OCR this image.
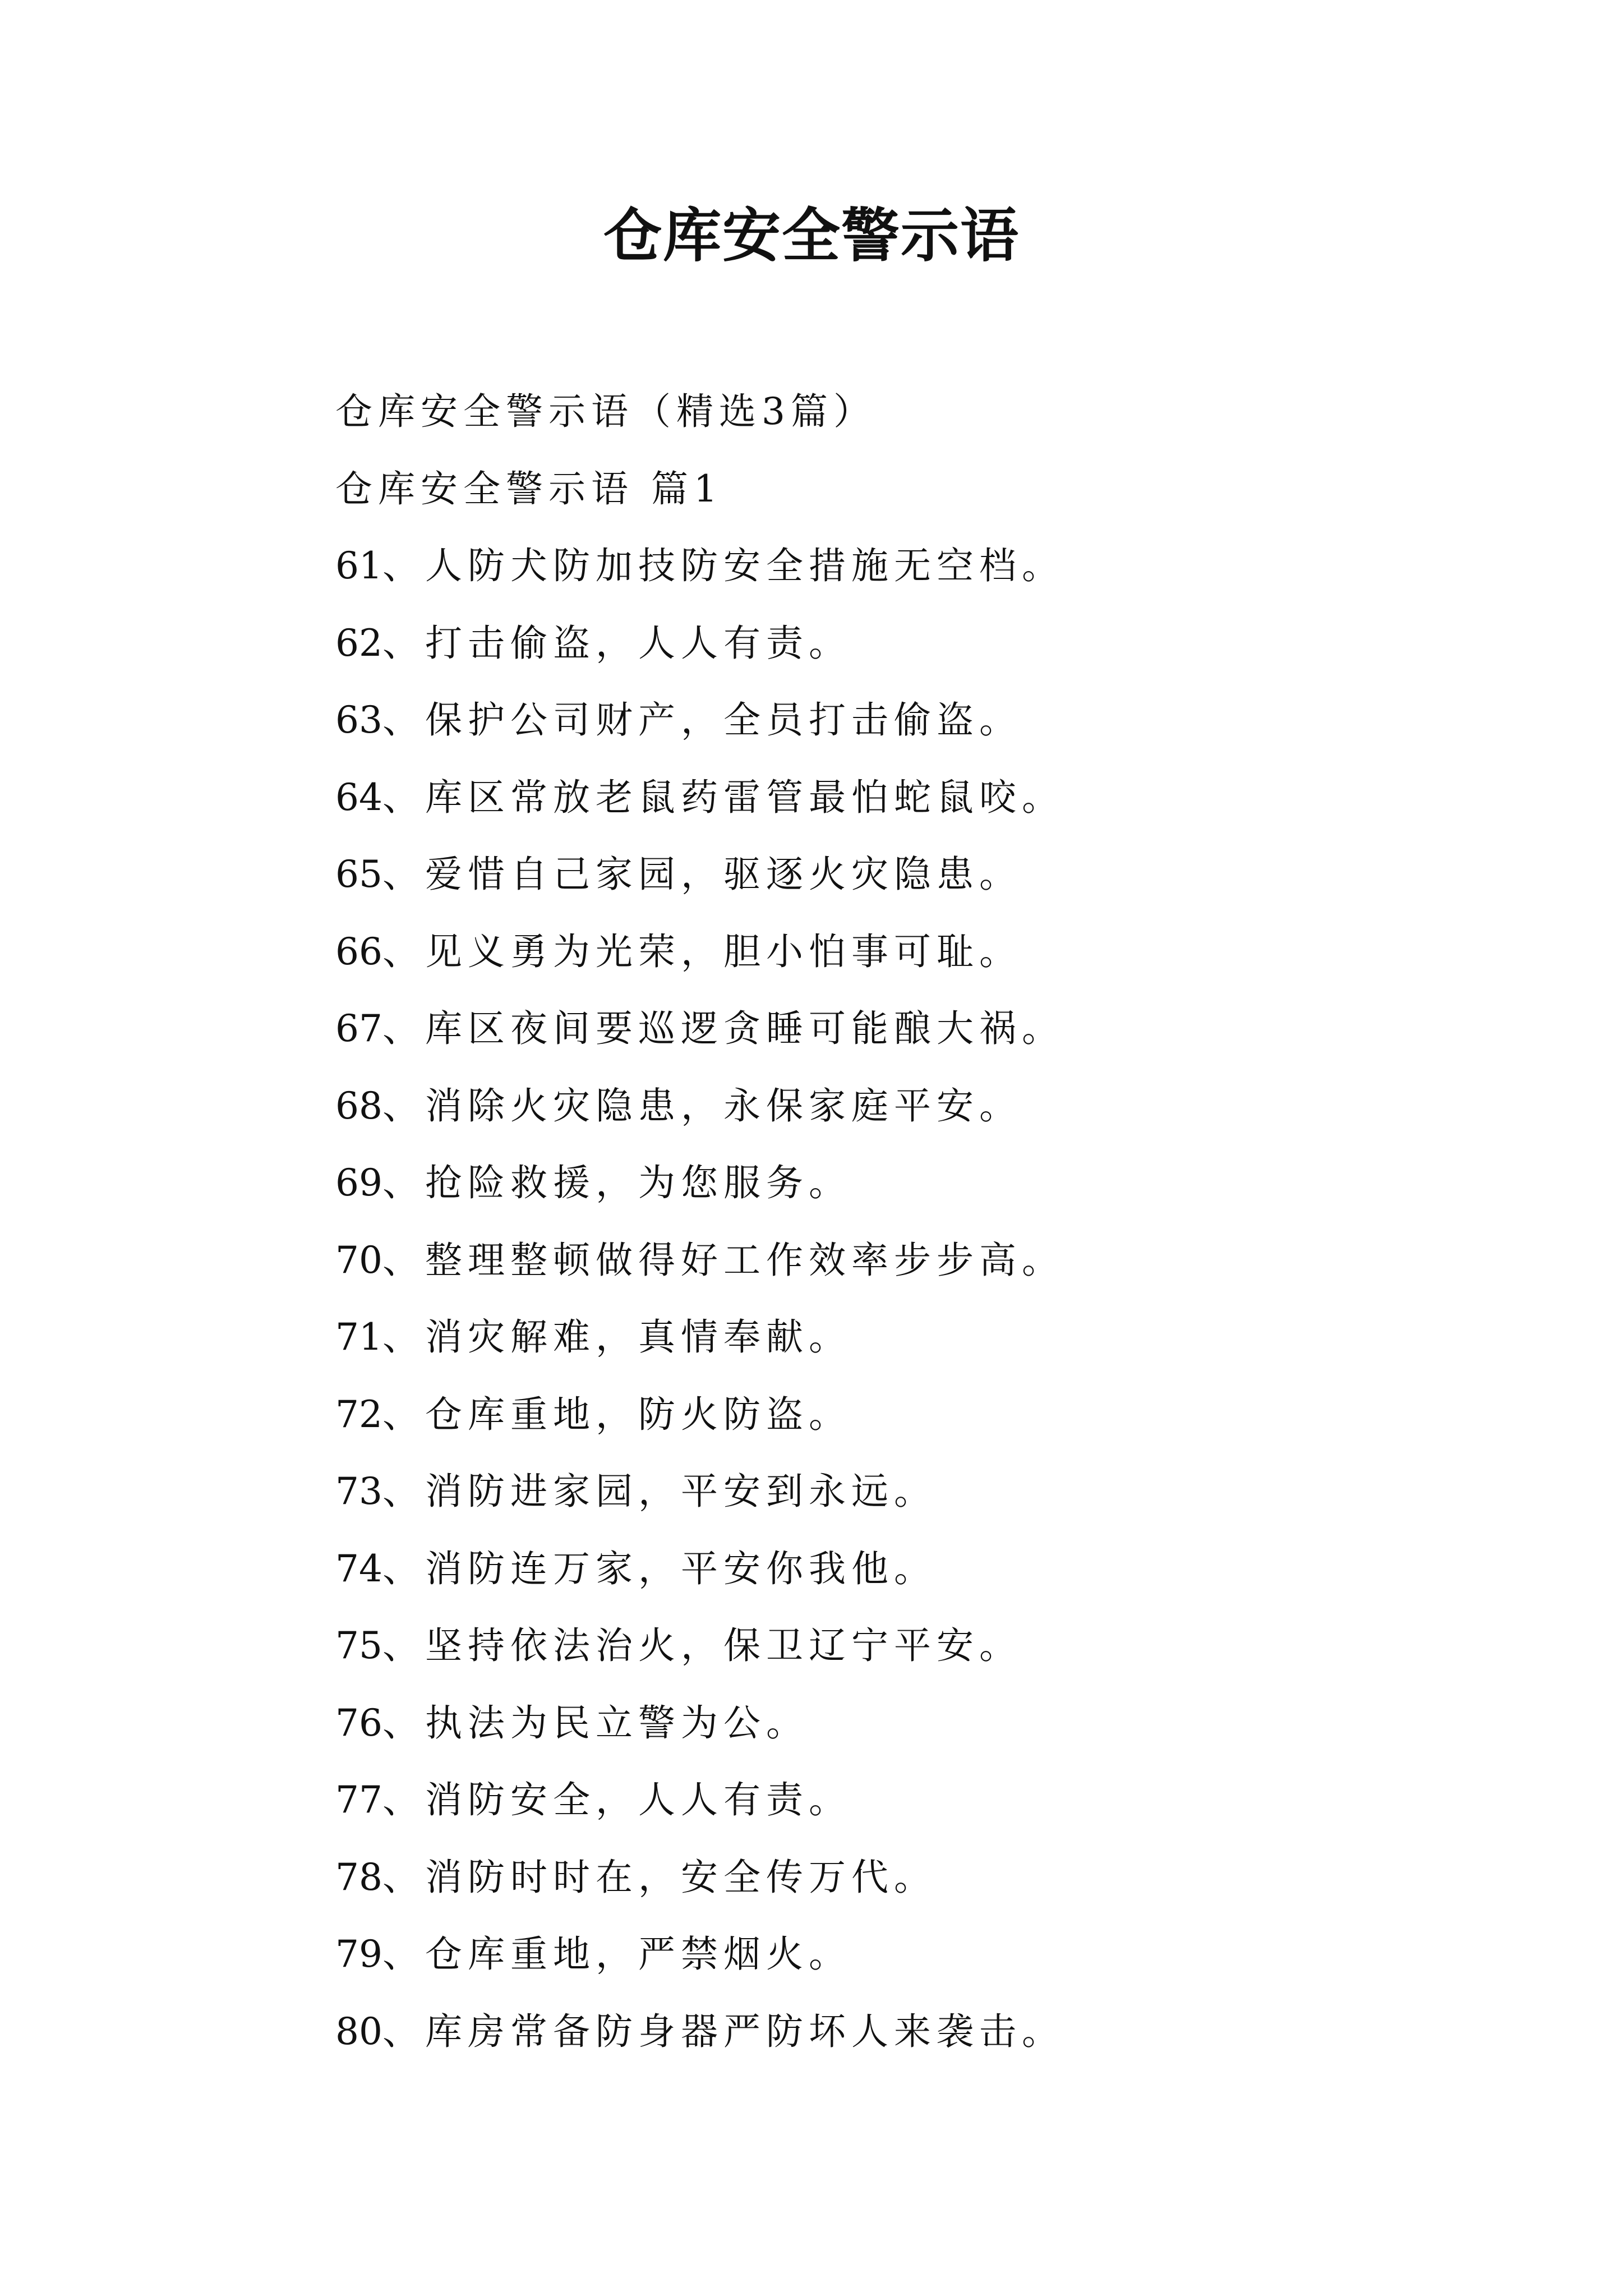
仓库安全警示语
仓库安全警示语（精选3篇）
仓库安全警示语 篇1
61、人防犬防加技防安全措施无空档。
62、打击偷盗，人人有责。
63、保护公司财产，全员打击偷盗。
64、库区常放老鼠药雷管最怕蛇鼠咬。
65、爱惜自己家园，驱逐火灾隐患。
66、见义勇为光荣，胆小怕事可耻。
67、库区夜间要巡逻贪睡可能酿大祸。
68、消除火灾隐患，永保家庭平安。
69、抢险救援，为您服务。
70、整理整顿做得好工作效率步步高。
71、消灾解难，真情奉献。
72、仓库重地，防火防盗。
73、消防进家园，平安到永远。
74、消防连万家，平安你我他。
75、坚持依法治火，保卫辽宁平安。
76、执法为民立警为公。
77、消防安全，人人有责。
78、消防时时在，安全传万代。
79、仓库重地，严禁烟火。
80、库房常备防身器严防坏人来袭击。
